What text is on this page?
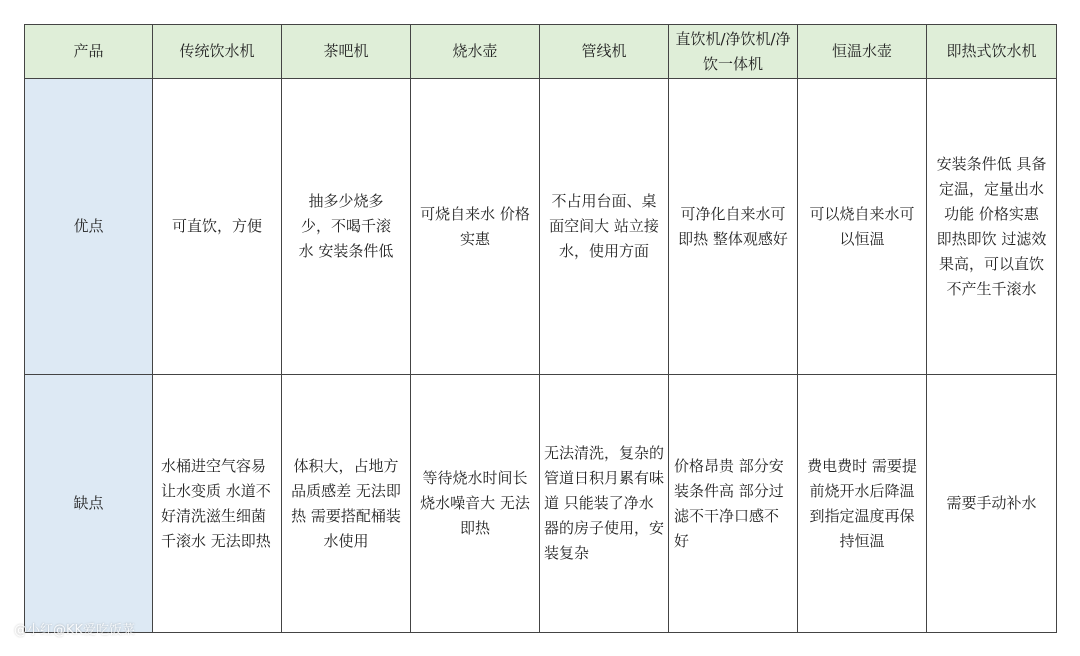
产品	传统饮水机	茶吧机	烧水壶	管线机	直饮机/净饮机/净饮一体机	恒温水壶	即热式饮水机
优点	可直饮，方便	抽多少烧多少，不喝千滚水 安装条件低	可烧自来水 价格实惠	不占用台面、桌面空间大 站立接水，使用方面	可净化自来水可即热 整体观感好	可以烧自来水可以恒温	安装条件低 具备定温，定量出水功能 价格实惠 即热即饮 过滤效果高，可以直饮 不产生千滚水
缺点	水桶进空气容易让水变质 水道不好清洗滋生细菌 千滚水 无法即热	体积大，占地方 品质感差 无法即热 需要搭配桶装水使用	等待烧水时间长 烧水噪音大 无法即热	无法清洗，复杂的管道日积月累有味道 只能装了净水器的房子使用，安装复杂	价格昂贵 部分安装条件高 部分过滤不干净口感不好	费电费时 需要提前烧开水后降温到指定温度再保持恒温	需要手动补水
@小红@KK爱吃饭菜
